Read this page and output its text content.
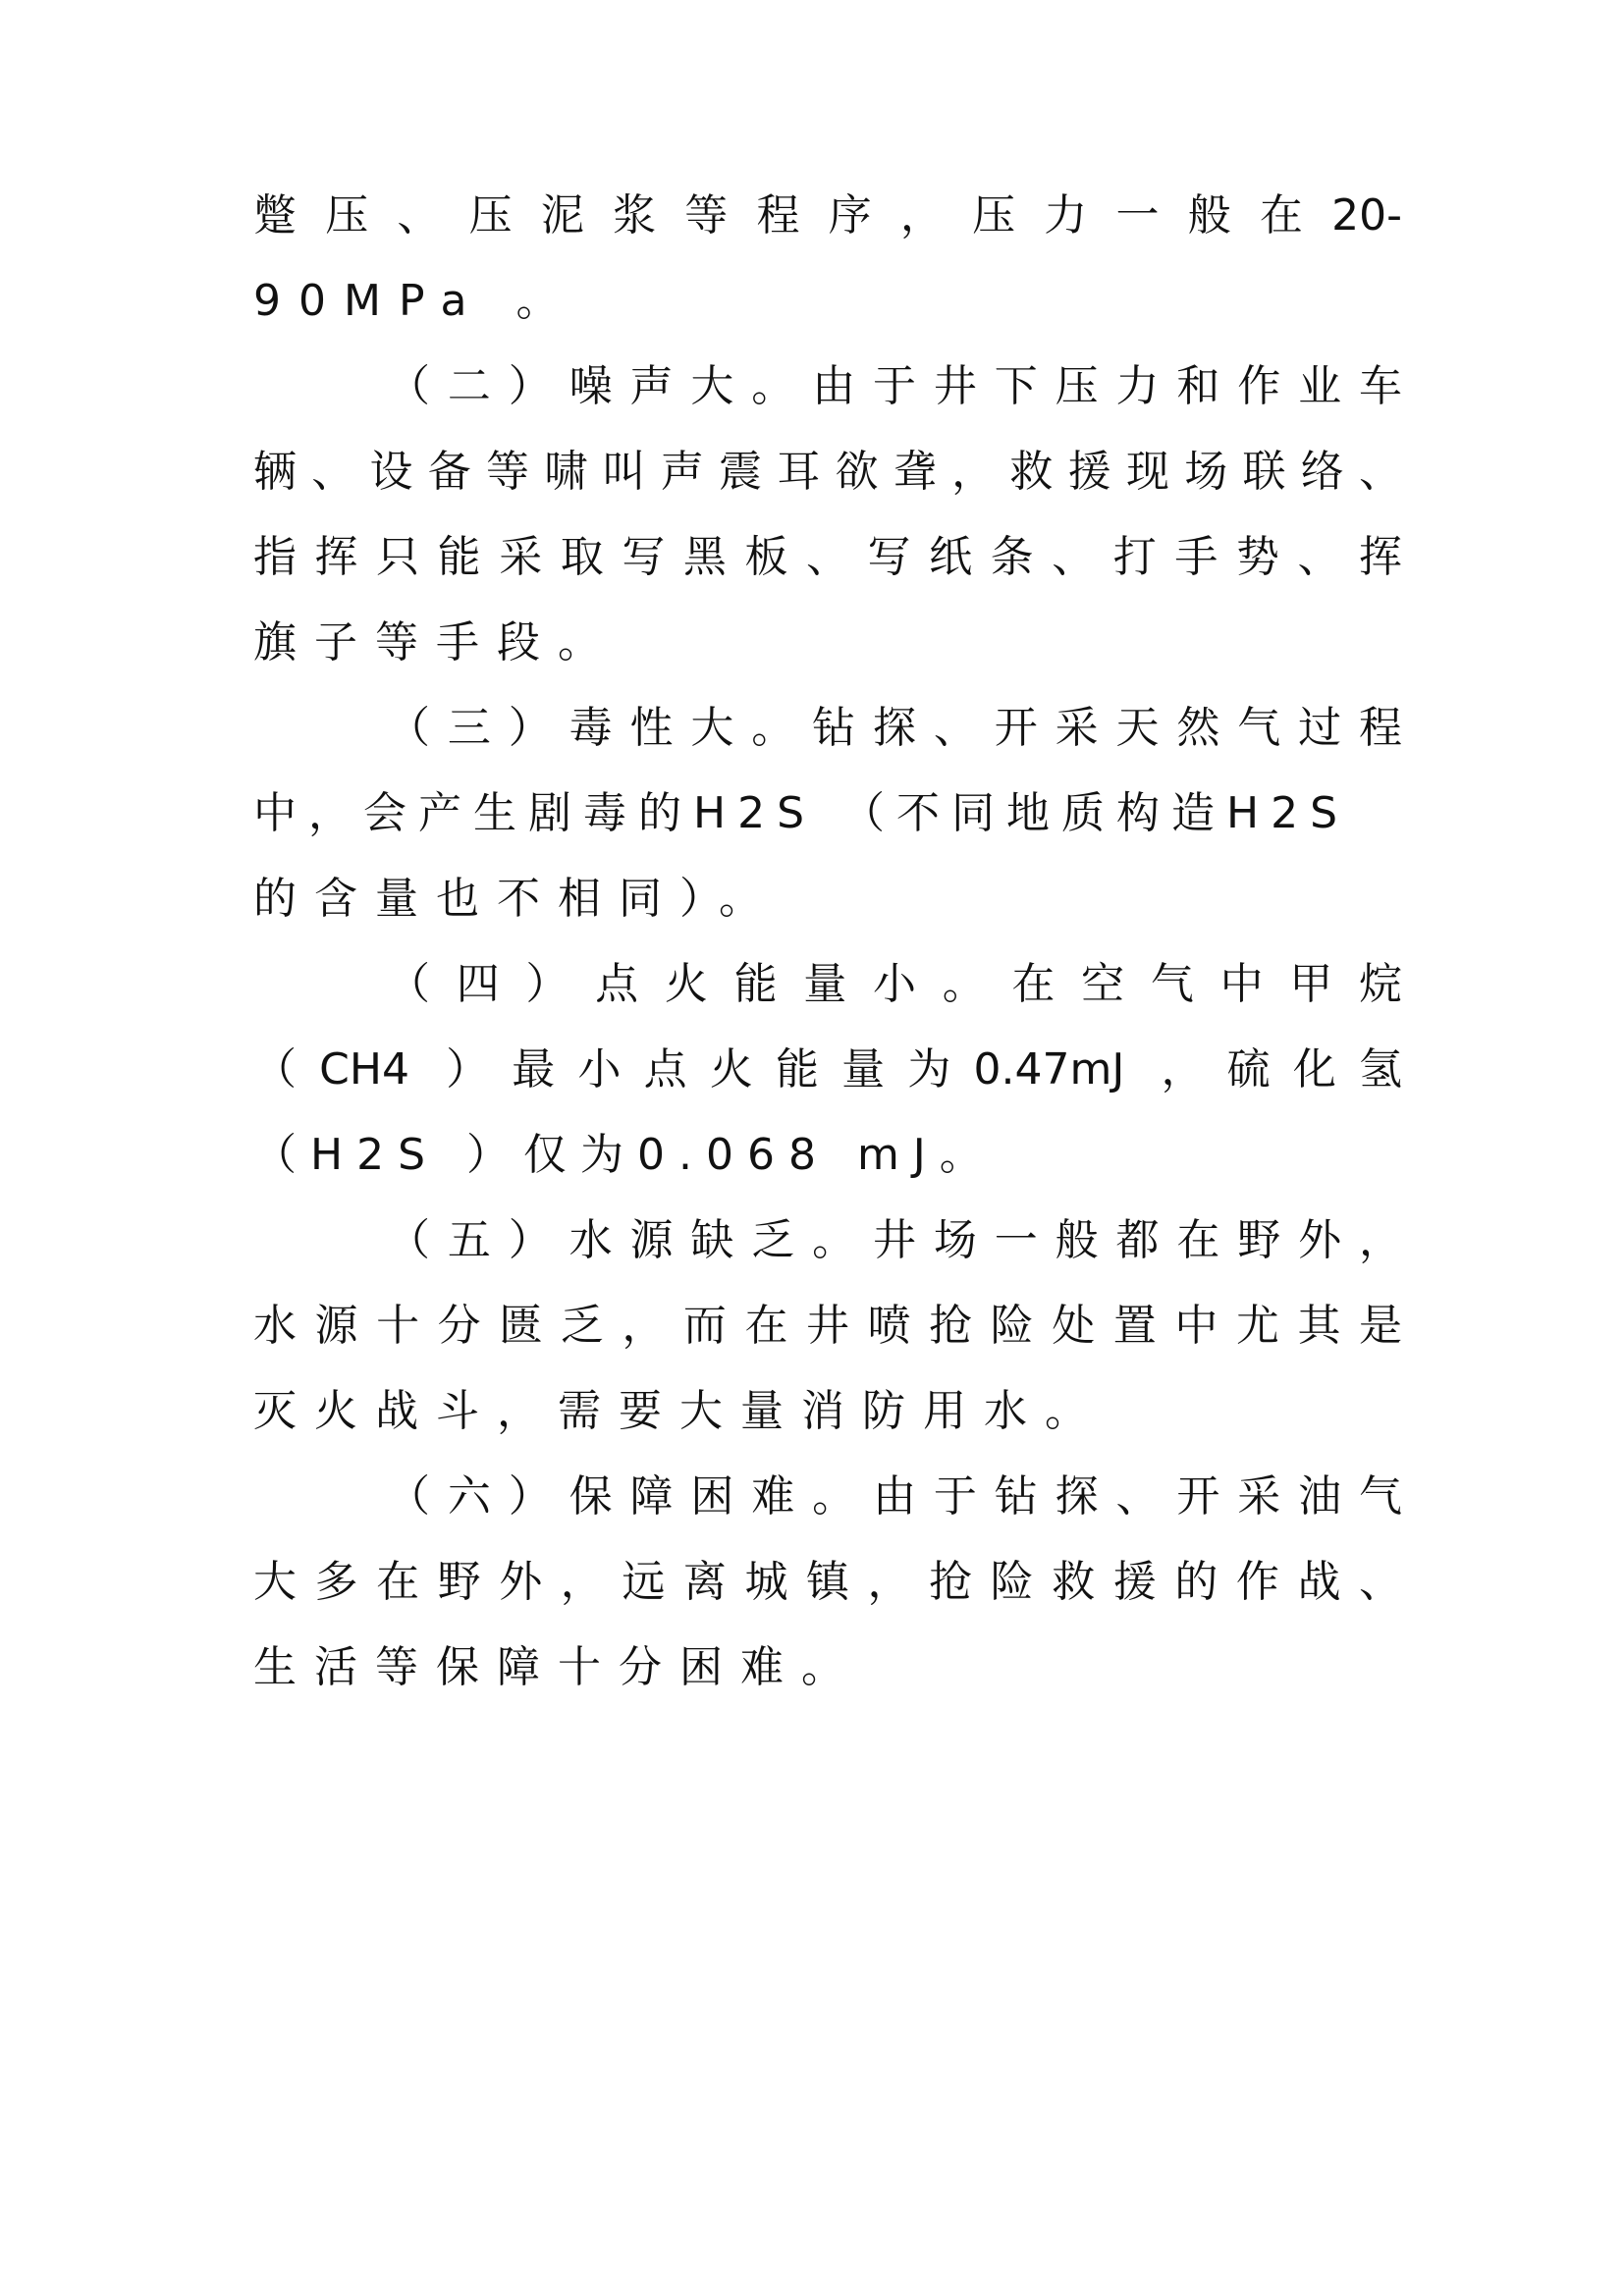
蹩压、压泥浆等程序，压力一般在20-
90MPa 。
（二）噪声大。由于井下压力和作业车
辆、设备等啸叫声震耳欲聋，救援现场联络、
指挥只能采取写黑板、写纸条、打手势、挥
旗子等手段。
（三）毒性大。钻探、开采天然气过程
中，会产生剧毒的H2S （不同地质构造H2S
的含量也不相同）。
（四）点火能量小。在空气中甲烷
（CH4 ）最小点火能量为0.47mJ ，硫化氢
（H2S ）仅为0.068 mJ。
（五）水源缺乏。井场一般都在野外，
水源十分匮乏，而在井喷抢险处置中尤其是
灭火战斗，需要大量消防用水。
（六）保障困难。由于钻探、开采油气
大多在野外，远离城镇，抢险救援的作战、
生活等保障十分困难。
